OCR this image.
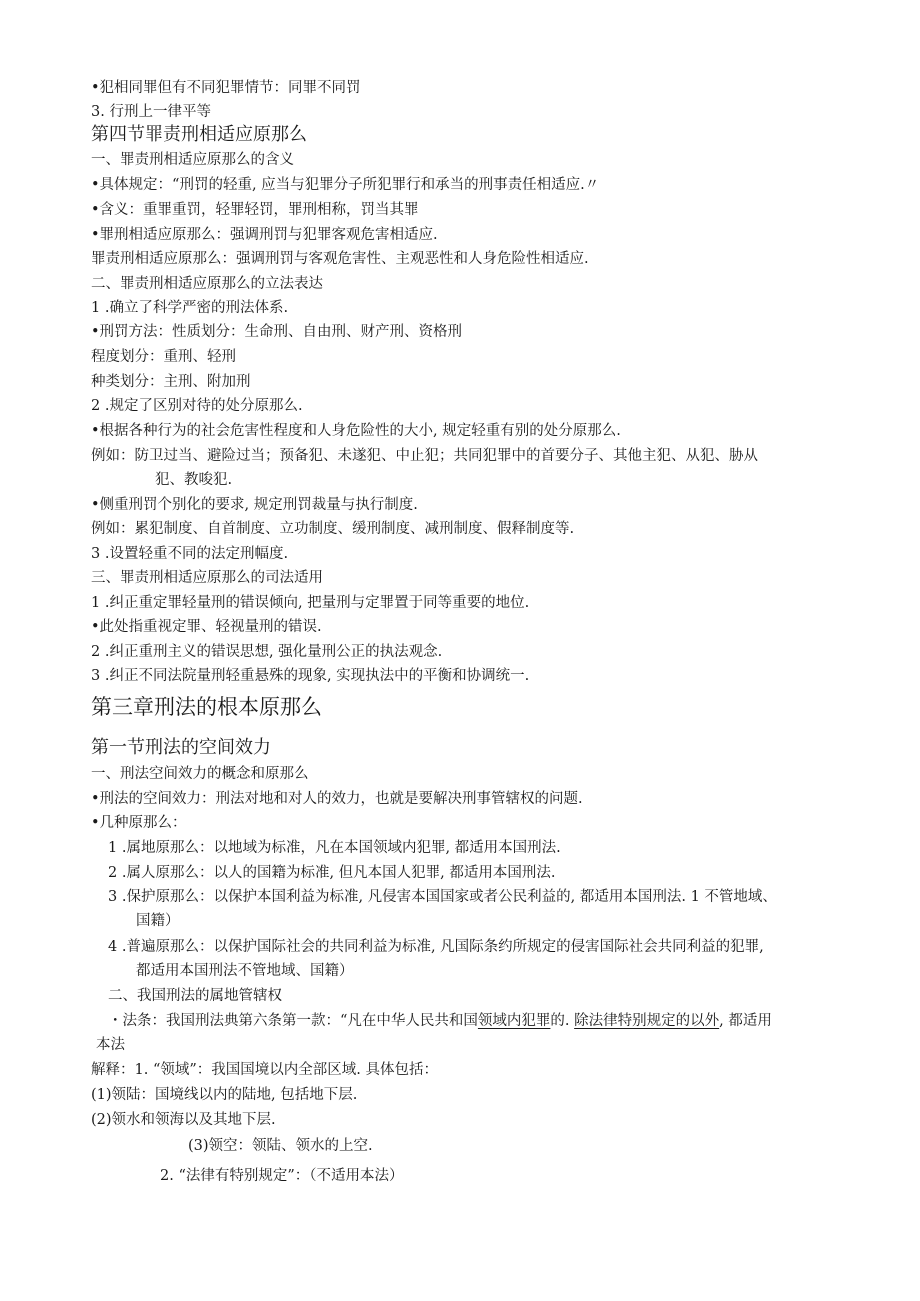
•犯相同罪但有不同犯罪情节：同罪不同罚
3. 行刑上一律平等
第四节罪责刑相适应原那么
一、罪责刑相适应原那么的含义
•具体规定：“刑罚的轻重, 应当与犯罪分子所犯罪行和承当的刑事责任相适应.〃
•含义：重罪重罚，轻罪轻罚，罪刑相称，罚当其罪
•罪刑相适应原那么：强调刑罚与犯罪客观危害相适应.
罪责刑相适应原那么：强调刑罚与客观危害性、主观恶性和人身危险性相适应.
二、罪责刑相适应原那么的立法表达
1 .确立了科学严密的刑法体系.
•刑罚方法：性质划分：生命刑、自由刑、财产刑、资格刑
程度划分：重刑、轻刑
种类划分：主刑、附加刑
2 .规定了区别对待的处分原那么.
•根据各种行为的社会危害性程度和人身危险性的大小, 规定轻重有别的处分原那么.
例如：防卫过当、避险过当；预备犯、未遂犯、中止犯；共同犯罪中的首要分子、其他主犯、从犯、胁从
犯、教唆犯.
•侧重刑罚个别化的要求, 规定刑罚裁量与执行制度.
例如：累犯制度、自首制度、立功制度、缓刑制度、减刑制度、假释制度等.
3 .设置轻重不同的法定刑幅度.
三、罪责刑相适应原那么的司法适用
1 .纠正重定罪轻量刑的错误倾向, 把量刑与定罪置于同等重要的地位.
•此处指重视定罪、轻视量刑的错误.
2 .纠正重刑主义的错误思想, 强化量刑公正的执法观念.
3 .纠正不同法院量刑轻重悬殊的现象, 实现执法中的平衡和协调统一.
第三章刑法的根本原那么
第一节刑法的空间效力
一、刑法空间效力的概念和原那么
•刑法的空间效力：刑法对地和对人的效力，也就是要解决刑事管辖权的问题.
•几种原那么：
1 .属地原那么：以地域为标准，凡在本国领域内犯罪, 都适用本国刑法.
2 .属人原那么：以人的国籍为标准, 但凡本国人犯罪, 都适用本国刑法.
3 .保护原那么：以保护本国利益为标准, 凡侵害本国国家或者公民利益的, 都适用本国刑法. 1 不管地域、
国籍）
4 .普遍原那么：以保护国际社会的共同利益为标准, 凡国际条约所规定的侵害国际社会共同利益的犯罪,
都适用本国刑法不管地域、国籍）
二、我国刑法的属地管辖权
・法条：我国刑法典第六条第一款：“凡在中华人民共和国领域内犯罪的. 除法律特别规定的以外, 都适用
本法
解释：1. “领域”：我国国境以内全部区域. 具体包括：
(1)领陆：国境线以内的陆地, 包括地下层.
(2)领水和领海以及其地下层.
(3)领空：领陆、领水的上空.
2. “法律有特别规定”：（不适用本法）
